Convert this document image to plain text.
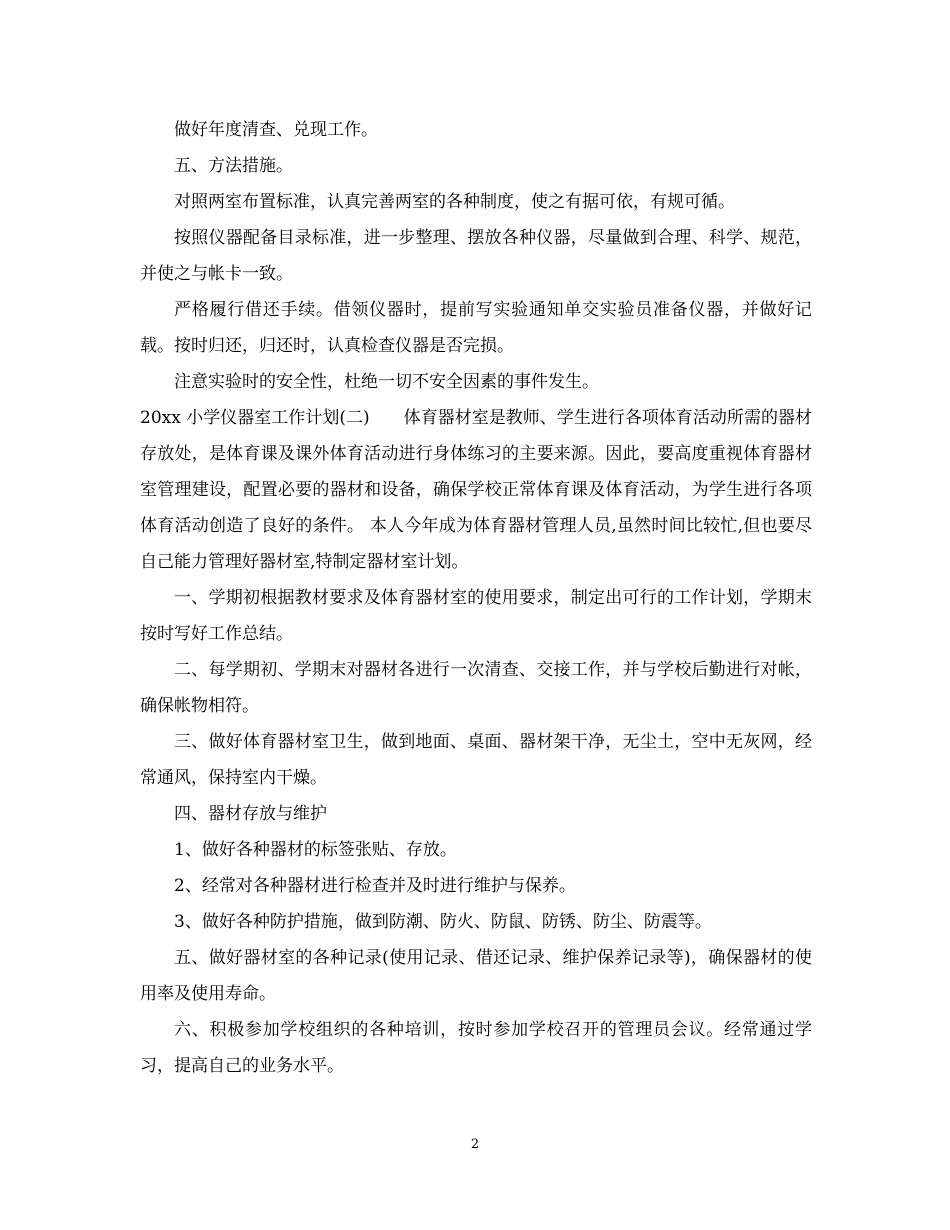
做好年度清查、兑现工作。

五、方法措施。

对照两室布置标准，认真完善两室的各种制度，使之有据可依，有规可循。

按照仪器配备目录标准，进一步整理、摆放各种仪器，尽量做到合理、科学、规范，并使之与帐卡一致。

严格履行借还手续。借领仪器时，提前写实验通知单交实验员准备仪器，并做好记载。按时归还，归还时，认真检查仪器是否完损。

注意实验时的安全性，杜绝一切不安全因素的事件发生。

20xx 小学仪器室工作计划(二)　　体育器材室是教师、学生进行各项体育活动所需的器材存放处，是体育课及课外体育活动进行身体练习的主要来源。因此，要高度重视体育器材室管理建设，配置必要的器材和设备，确保学校正常体育课及体育活动，为学生进行各项体育活动创造了良好的条件。 本人今年成为体育器材管理人员,虽然时间比较忙,但也要尽自己能力管理好器材室,特制定器材室计划。

一、学期初根据教材要求及体育器材室的使用要求，制定出可行的工作计划，学期末按时写好工作总结。

二、每学期初、学期末对器材各进行一次清查、交接工作，并与学校后勤进行对帐，确保帐物相符。

三、做好体育器材室卫生，做到地面、桌面、器材架干净，无尘土，空中无灰网，经常通风，保持室内干燥。

四、器材存放与维护

1、做好各种器材的标签张贴、存放。

2、经常对各种器材进行检查并及时进行维护与保养。

3、做好各种防护措施，做到防潮、防火、防鼠、防锈、防尘、防震等。

五、做好器材室的各种记录(使用记录、借还记录、维护保养记录等)，确保器材的使用率及使用寿命。

六、积极参加学校组织的各种培训，按时参加学校召开的管理员会议。经常通过学习，提高自己的业务水平。

2
